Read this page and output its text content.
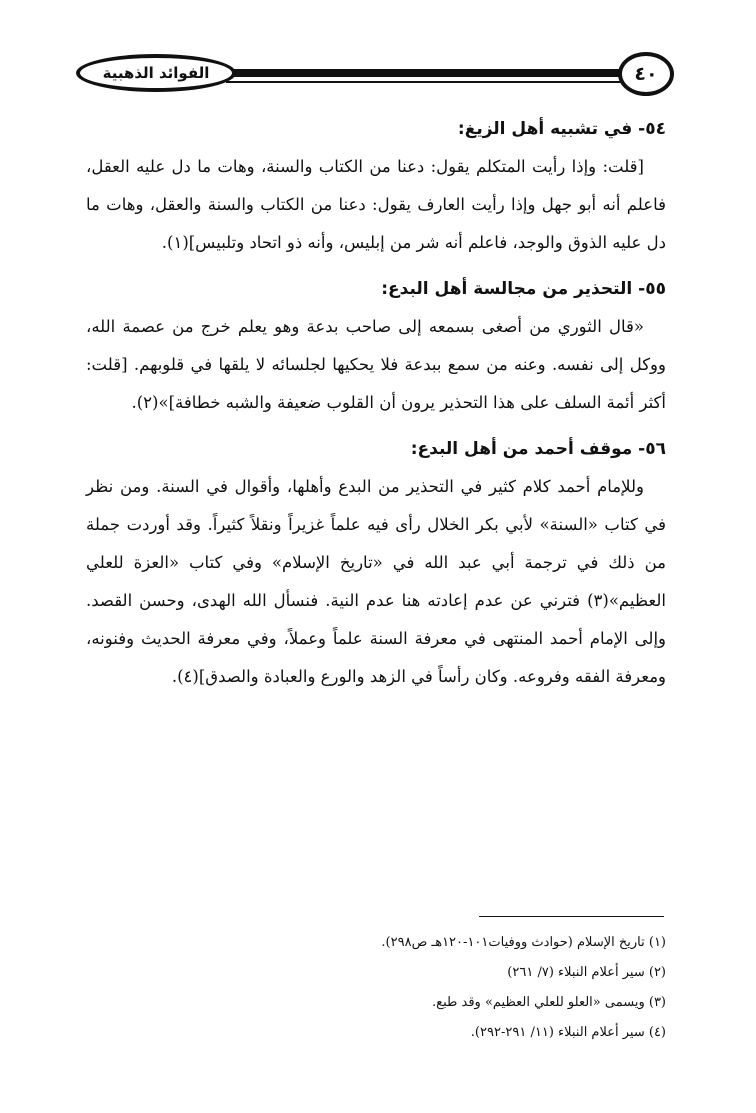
الفوائد الذهبية	٤٠
٥٤- في تشبيه أهل الزيغ:

[قلت: وإذا رأيت المتكلم يقول: دعنا من الكتاب والسنة، وهات ما دل عليه العقل، فاعلم أنه أبو جهل وإذا رأيت العارف يقول: دعنا من الكتاب والسنة والعقل، وهات ما دل عليه الذوق والوجد، فاعلم أنه شر من إبليس، وأنه ذو اتحاد وتلبيس](١).

٥٥- التحذير من مجالسة أهل البدع:

«قال الثوري من أصغى بسمعه إلى صاحب بدعة وهو يعلم خرج من عصمة الله، ووكل إلى نفسه. وعنه من سمع ببدعة فلا يحكيها لجلسائه لا يلقها في قلوبهم. [قلت: أكثر أئمة السلف على هذا التحذير يرون أن القلوب ضعيفة والشبه خطافة]»(٢).

٥٦- موقف أحمد من أهل البدع:

وللإمام أحمد كلام كثير في التحذير من البدع وأهلها، وأقوال في السنة. ومن نظر في كتاب «السنة» لأبي بكر الخلال رأى فيه علماً غزيراً ونقلاً كثيراً. وقد أوردت جملة من ذلك في ترجمة أبي عبد الله في «تاريخ الإسلام» وفي كتاب «العزة للعلي العظيم»(٣) فترني عن عدم إعادته هنا عدم النية. فنسأل الله الهدى، وحسن القصد. وإلى الإمام أحمد المنتهى في معرفة السنة علماً وعملاً، وفي معرفة الحديث وفنونه، ومعرفة الفقه وفروعه. وكان رأساً في الزهد والورع والعبادة والصدق](٤).

(١) تاريخ الإسلام (حوادث ووفيات١٠١-١٢٠هـ ص٢٩٨).

(٢) سير أعلام النبلاء (٧/ ٢٦١)

(٣) ويسمى «العلو للعلي العظيم» وقد طبع.

(٤) سير أعلام النبلاء (١١/ ٢٩١-٢٩٢).
